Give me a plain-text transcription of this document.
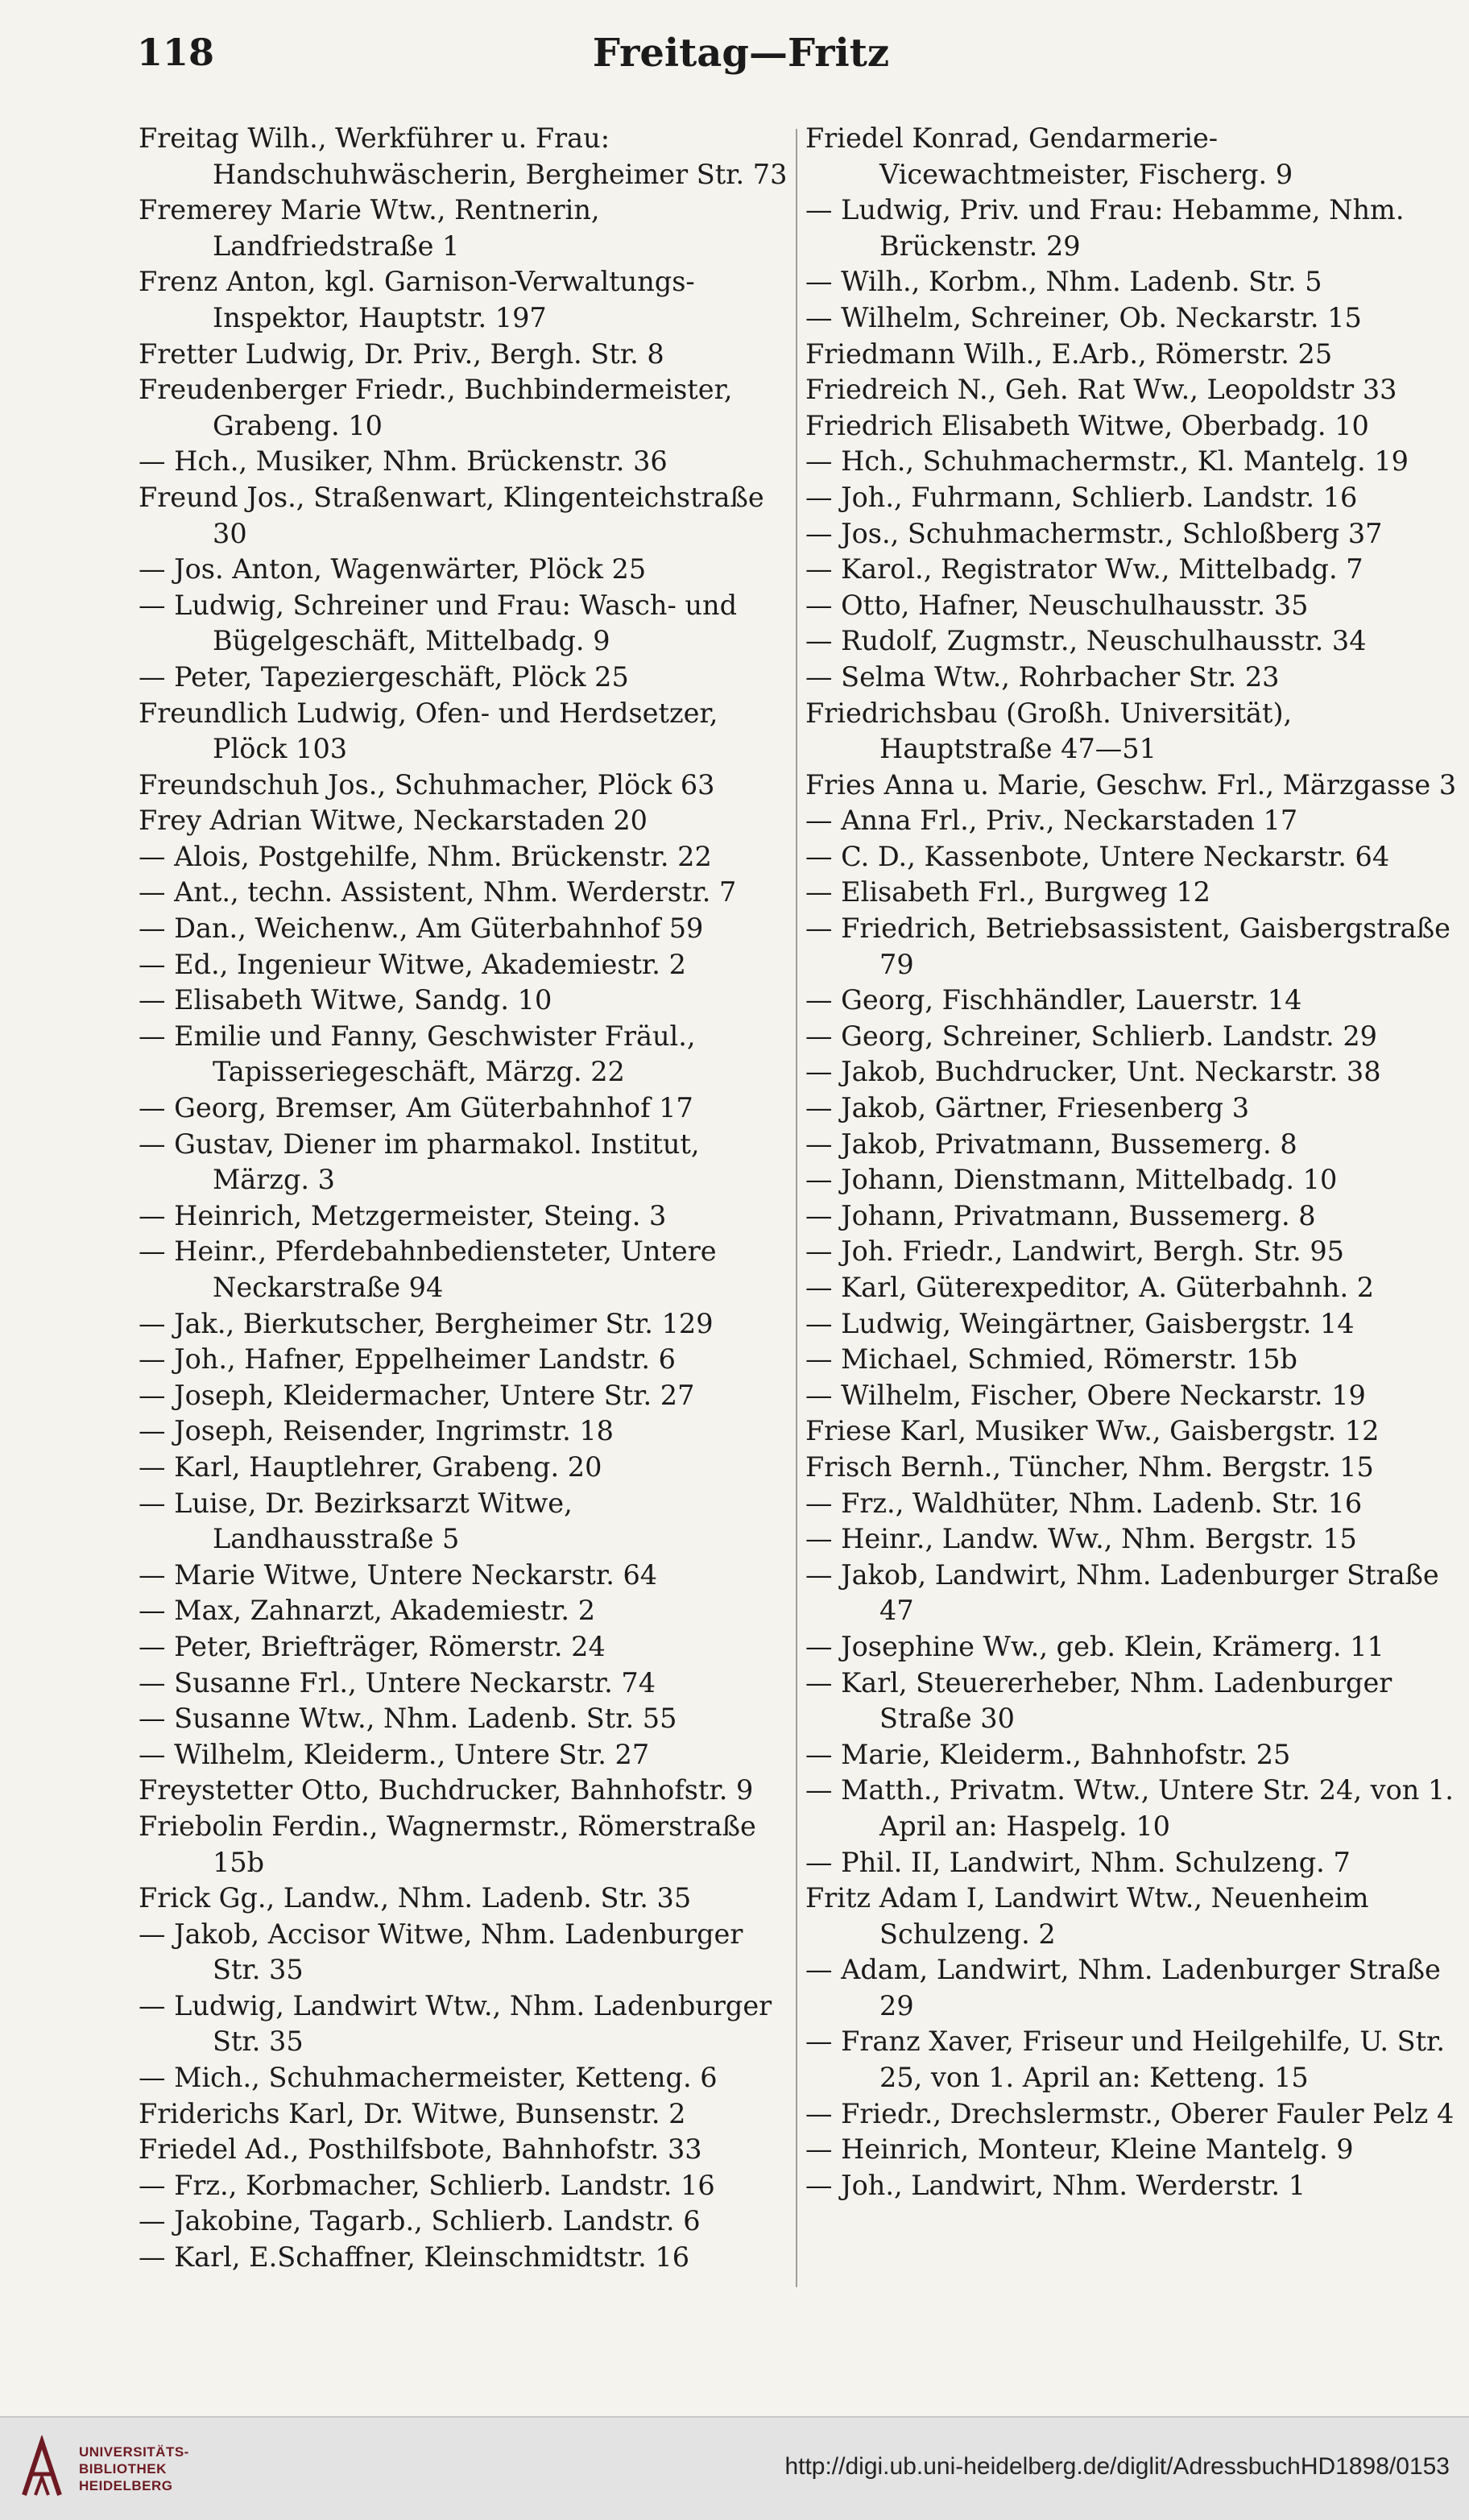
118	Freitag—Fritz
Freitag Wilh., Werkführer u. Frau: Handschuhwäscherin, Bergheimer Str. 73
Fremerey Marie Wtw., Rentnerin, Landfriedstraße 1
Frenz Anton, kgl. Garnison-Verwaltungs-Inspektor, Hauptstr. 197
Fretter Ludwig, Dr. Priv., Bergh. Str. 8
Freudenberger Friedr., Buchbindermeister, Grabeng. 10
— Hch., Musiker, Nhm. Brückenstr. 36
Freund Jos., Straßenwart, Klingenteichstraße 30
— Jos. Anton, Wagenwärter, Plöck 25
— Ludwig, Schreiner und Frau: Wasch- und Bügelgeschäft, Mittelbadg. 9
— Peter, Tapeziergeschäft, Plöck 25
Freundlich Ludwig, Ofen- und Herdsetzer, Plöck 103
Freundschuh Jos., Schuhmacher, Plöck 63
Frey Adrian Witwe, Neckarstaden 20
— Alois, Postgehilfe, Nhm. Brückenstr. 22
— Ant., techn. Assistent, Nhm. Werderstr. 7
— Dan., Weichenw., Am Güterbahnhof 59
— Ed., Ingenieur Witwe, Akademiestr. 2
— Elisabeth Witwe, Sandg. 10
— Emilie und Fanny, Geschwister Fräul., Tapisseriegeschäft, Märzg. 22
— Georg, Bremser, Am Güterbahnhof 17
— Gustav, Diener im pharmakol. Institut, Märzg. 3
— Heinrich, Metzgermeister, Steing. 3
— Heinr., Pferdebahnbediensteter, Untere Neckarstraße 94
— Jak., Bierkutscher, Bergheimer Str. 129
— Joh., Hafner, Eppelheimer Landstr. 6
— Joseph, Kleidermacher, Untere Str. 27
— Joseph, Reisender, Ingrimstr. 18
— Karl, Hauptlehrer, Grabeng. 20
— Luise, Dr. Bezirksarzt Witwe, Landhausstraße 5
— Marie Witwe, Untere Neckarstr. 64
— Max, Zahnarzt, Akademiestr. 2
— Peter, Briefträger, Römerstr. 24
— Susanne Frl., Untere Neckarstr. 74
— Susanne Wtw., Nhm. Ladenb. Str. 55
— Wilhelm, Kleiderm., Untere Str. 27
Freystetter Otto, Buchdrucker, Bahnhofstr. 9
Friebolin Ferdin., Wagnermstr., Römerstraße 15b
Frick Gg., Landw., Nhm. Ladenb. Str. 35
— Jakob, Accisor Witwe, Nhm. Ladenburger Str. 35
— Ludwig, Landwirt Wtw., Nhm. Ladenburger Str. 35
— Mich., Schuhmachermeister, Ketteng. 6
Friderichs Karl, Dr. Witwe, Bunsenstr. 2
Friedel Ad., Posthilfsbote, Bahnhofstr. 33
— Frz., Korbmacher, Schlierb. Landstr. 16
— Jakobine, Tagarb., Schlierb. Landstr. 6
— Karl, E.Schaffner, Kleinschmidtstr. 16
Friedel Konrad, Gendarmerie-Vicewachtmeister, Fischerg. 9
— Ludwig, Priv. und Frau: Hebamme, Nhm. Brückenstr. 29
— Wilh., Korbm., Nhm. Ladenb. Str. 5
— Wilhelm, Schreiner, Ob. Neckarstr. 15
Friedmann Wilh., E.Arb., Römerstr. 25
Friedreich N., Geh. Rat Ww., Leopoldstr 33
Friedrich Elisabeth Witwe, Oberbadg. 10
— Hch., Schuhmachermstr., Kl. Mantelg. 19
— Joh., Fuhrmann, Schlierb. Landstr. 16
— Jos., Schuhmachermstr., Schloßberg 37
— Karol., Registrator Ww., Mittelbadg. 7
— Otto, Hafner, Neuschulhausstr. 35
— Rudolf, Zugmstr., Neuschulhausstr. 34
— Selma Wtw., Rohrbacher Str. 23
Friedrichsbau (Großh. Universität), Hauptstraße 47—51
Fries Anna u. Marie, Geschw. Frl., Märzgasse 3
— Anna Frl., Priv., Neckarstaden 17
— C. D., Kassenbote, Untere Neckarstr. 64
— Elisabeth Frl., Burgweg 12
— Friedrich, Betriebsassistent, Gaisbergstraße 79
— Georg, Fischhändler, Lauerstr. 14
— Georg, Schreiner, Schlierb. Landstr. 29
— Jakob, Buchdrucker, Unt. Neckarstr. 38
— Jakob, Gärtner, Friesenberg 3
— Jakob, Privatmann, Bussemerg. 8
— Johann, Dienstmann, Mittelbadg. 10
— Johann, Privatmann, Bussemerg. 8
— Joh. Friedr., Landwirt, Bergh. Str. 95
— Karl, Güterexpeditor, A. Güterbahnh. 2
— Ludwig, Weingärtner, Gaisbergstr. 14
— Michael, Schmied, Römerstr. 15b
— Wilhelm, Fischer, Obere Neckarstr. 19
Friese Karl, Musiker Ww., Gaisbergstr. 12
Frisch Bernh., Tüncher, Nhm. Bergstr. 15
— Frz., Waldhüter, Nhm. Ladenb. Str. 16
— Heinr., Landw. Ww., Nhm. Bergstr. 15
— Jakob, Landwirt, Nhm. Ladenburger Straße 47
— Josephine Ww., geb. Klein, Krämerg. 11
— Karl, Steuererheber, Nhm. Ladenburger Straße 30
— Marie, Kleiderm., Bahnhofstr. 25
— Matth., Privatm. Wtw., Untere Str. 24, von 1. April an: Haspelg. 10
— Phil. II, Landwirt, Nhm. Schulzeng. 7
Fritz Adam I, Landwirt Wtw., Neuenheim Schulzeng. 2
— Adam, Landwirt, Nhm. Ladenburger Straße 29
— Franz Xaver, Friseur und Heilgehilfe, U. Str. 25, von 1. April an: Ketteng. 15
— Friedr., Drechslermstr., Oberer Fauler Pelz 4
— Heinrich, Monteur, Kleine Mantelg. 9
— Joh., Landwirt, Nhm. Werderstr. 1
UNIVERSITÄTS-
BIBLIOTHEK
HEIDELBERG
http://digi.ub.uni-heidelberg.de/diglit/AdressbuchHD1898/0153
